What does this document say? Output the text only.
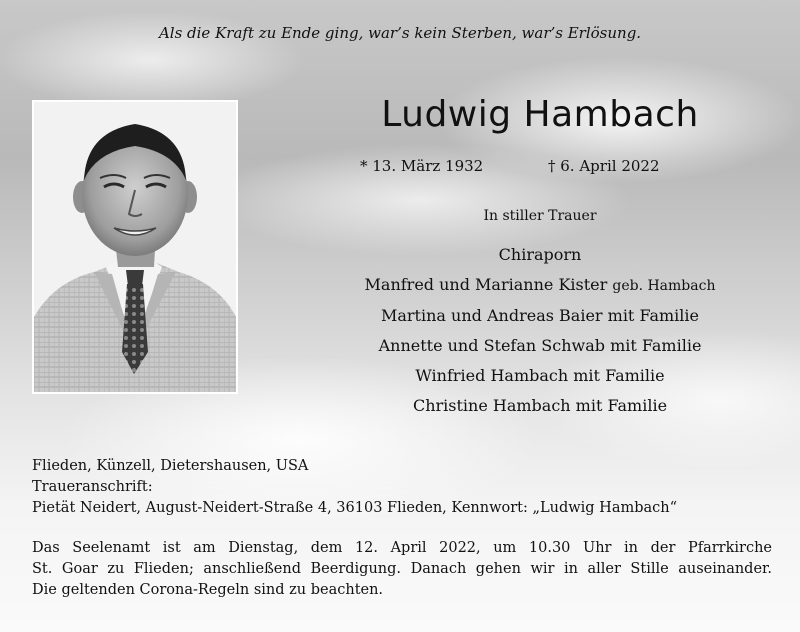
Als die Kraft zu Ende ging, war’s kein Sterben, war’s Erlösung.
Ludwig Hambach
* 13. März 1932	† 6. April 2022
In stiller Trauer
Chiraporn
Manfred und Marianne Kister geb. Hambach
Martina und Andreas Baier mit Familie
Annette und Stefan Schwab mit Familie
Winfried Hambach mit Familie
Christine Hambach mit Familie
Flieden, Künzell, Dietershausen, USA
Traueranschrift:
Pietät Neidert, August-Neidert-Straße 4, 36103 Flieden, Kennwort: „Ludwig Hambach“
Das Seelenamt ist am Dienstag, dem 12. April 2022, um 10.30 Uhr in der Pfarrkirche
St. Goar zu Flieden; anschließend Beerdigung. Danach gehen wir in aller Stille auseinander.
Die geltenden Corona-Regeln sind zu beachten.
